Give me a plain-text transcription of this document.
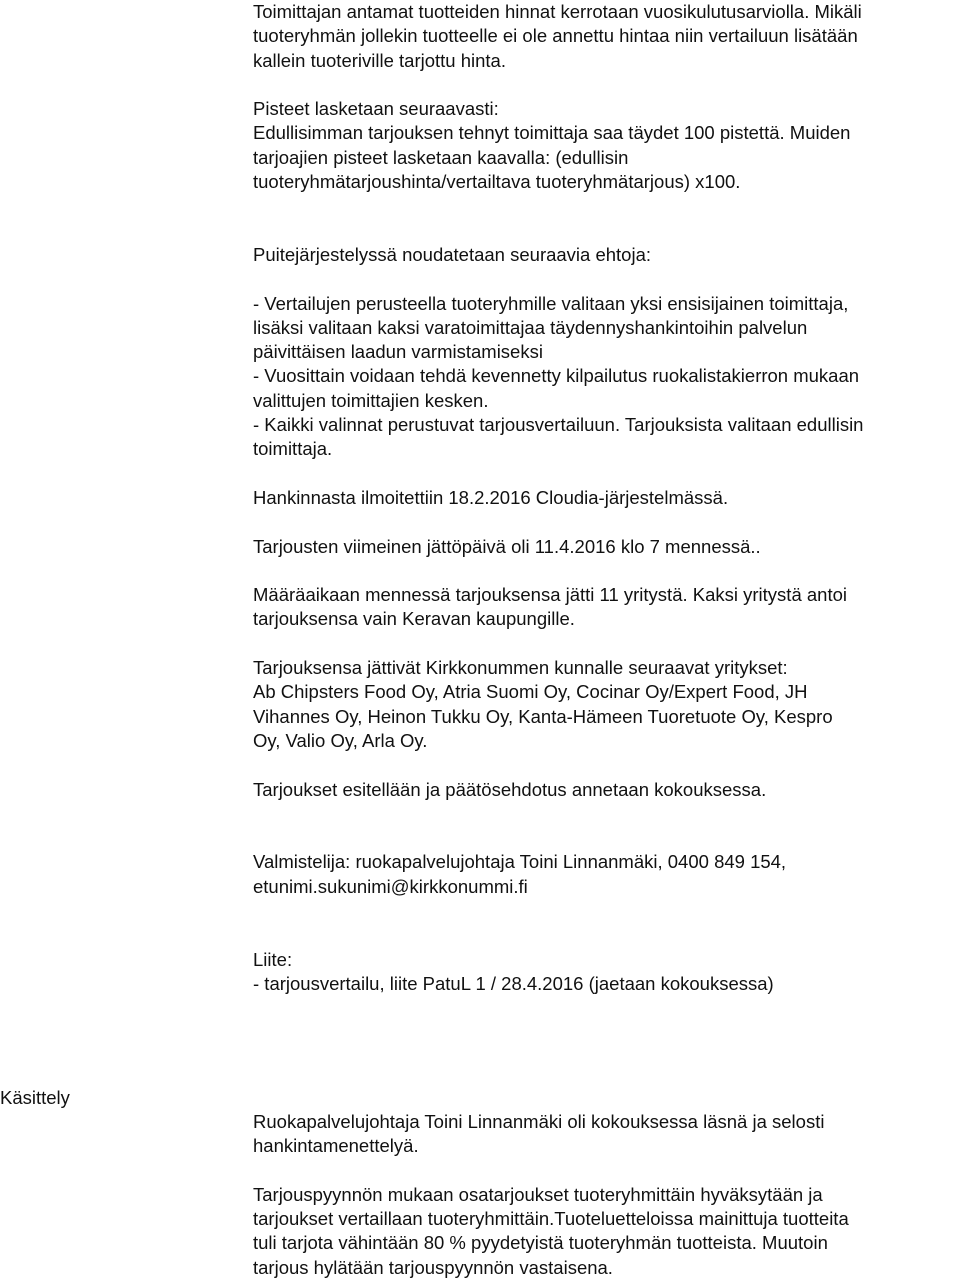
Toimittajan antamat tuotteiden hinnat kerrotaan vuosikulutusarviolla. Mikäli
tuoteryhmän jollekin tuotteelle ei ole annettu hintaa niin vertailuun lisätään
kallein tuoteriville tarjottu hinta.
Pisteet lasketaan seuraavasti:
Edullisimman tarjouksen tehnyt toimittaja saa täydet 100 pistettä. Muiden
tarjoajien pisteet lasketaan kaavalla: (edullisin
tuoteryhmätarjoushinta/vertailtava tuoteryhmätarjous) x100.
Puitejärjestelyssä noudatetaan seuraavia ehtoja:
- Vertailujen perusteella tuoteryhmille valitaan yksi ensisijainen toimittaja,
lisäksi valitaan kaksi varatoimittajaa täydennyshankintoihin palvelun
päivittäisen laadun varmistamiseksi
- Vuosittain voidaan tehdä kevennetty kilpailutus ruokalistakierron mukaan
valittujen toimittajien kesken.
- Kaikki valinnat perustuvat tarjousvertailuun. Tarjouksista valitaan edullisin
toimittaja.
Hankinnasta ilmoitettiin 18.2.2016 Cloudia-järjestelmässä.
Tarjousten viimeinen jättöpäivä oli 11.4.2016 klo 7 mennessä..
Määräaikaan mennessä tarjouksensa jätti 11 yritystä. Kaksi yritystä antoi
tarjouksensa vain Keravan kaupungille.
Tarjouksensa jättivät Kirkkonummen kunnalle seuraavat yritykset:
Ab Chipsters Food Oy, Atria Suomi Oy, Cocinar Oy/Expert Food, JH
Vihannes Oy, Heinon Tukku Oy, Kanta-Hämeen Tuoretuote Oy, Kespro
Oy, Valio Oy, Arla Oy.
Tarjoukset esitellään ja päätösehdotus annetaan kokouksessa.
Valmistelija: ruokapalvelujohtaja Toini Linnanmäki, 0400 849 154,
etunimi.sukunimi@kirkkonummi.fi
Liite:
- tarjousvertailu, liite PatuL 1 / 28.4.2016 (jaetaan kokouksessa)
Käsittely
Ruokapalvelujohtaja Toini Linnanmäki oli kokouksessa läsnä ja selosti
hankintamenettelyä.
Tarjouspyynnön mukaan osatarjoukset tuoteryhmittäin hyväksytään ja
tarjoukset vertaillaan tuoteryhmittäin.Tuoteluetteloissa mainittuja tuotteita
tuli tarjota vähintään 80 % pyydetyistä tuoteryhmän tuotteista. Muutoin
tarjous hylätään tarjouspyynnön vastaisena.
